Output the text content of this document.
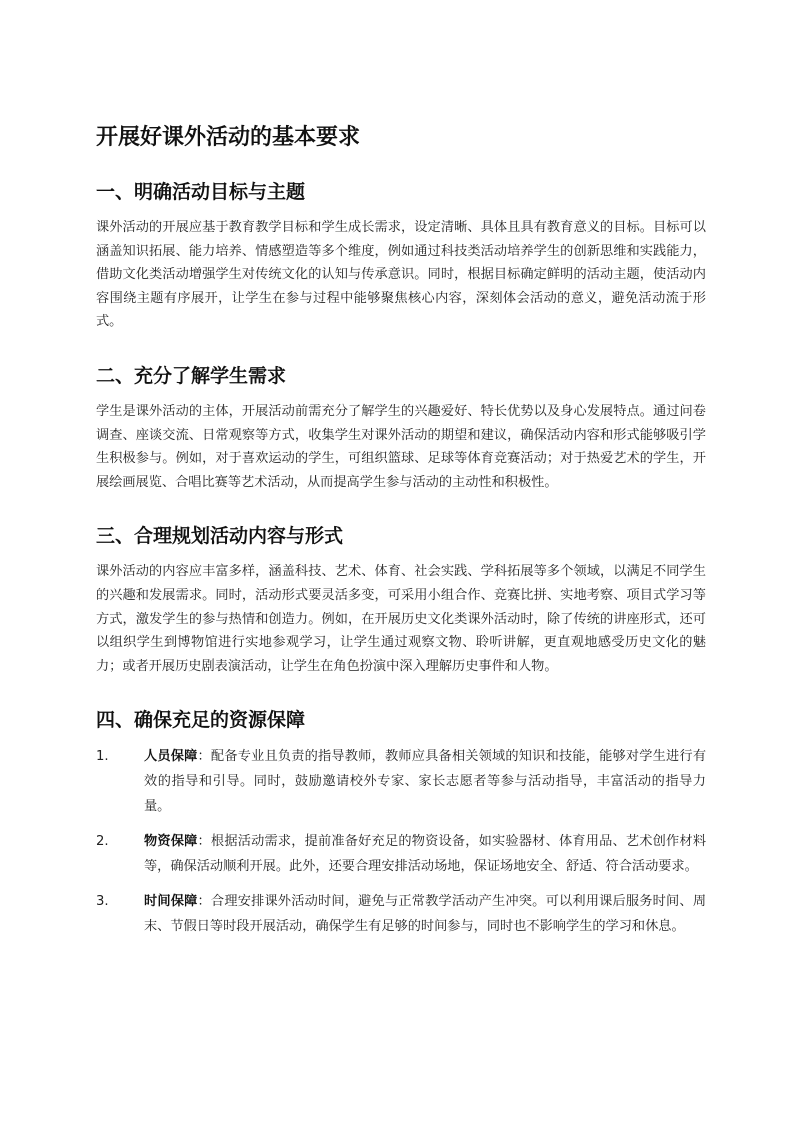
开展好课外活动的基本要求
一、明确活动目标与主题

课外活动的开展应基于教育教学目标和学生成长需求，设定清晰、具体且具有教育意义的目标。目标可以涵盖知识拓展、能力培养、情感塑造等多个维度，例如通过科技类活动培养学生的创新思维和实践能力，借助文化类活动增强学生对传统文化的认知与传承意识。同时，根据目标确定鲜明的活动主题，使活动内容围绕主题有序展开，让学生在参与过程中能够聚焦核心内容，深刻体会活动的意义，避免活动流于形式。

二、充分了解学生需求

学生是课外活动的主体，开展活动前需充分了解学生的兴趣爱好、特长优势以及身心发展特点。通过问卷调查、座谈交流、日常观察等方式，收集学生对课外活动的期望和建议，确保活动内容和形式能够吸引学生积极参与。例如，对于喜欢运动的学生，可组织篮球、足球等体育竞赛活动；对于热爱艺术的学生，开展绘画展览、合唱比赛等艺术活动，从而提高学生参与活动的主动性和积极性。

三、合理规划活动内容与形式

课外活动的内容应丰富多样，涵盖科技、艺术、体育、社会实践、学科拓展等多个领域，以满足不同学生的兴趣和发展需求。同时，活动形式要灵活多变，可采用小组合作、竞赛比拼、实地考察、项目式学习等方式，激发学生的参与热情和创造力。例如，在开展历史文化类课外活动时，除了传统的讲座形式，还可以组织学生到博物馆进行实地参观学习，让学生通过观察文物、聆听讲解，更直观地感受历史文化的魅力；或者开展历史剧表演活动，让学生在角色扮演中深入理解历史事件和人物。

四、确保充足的资源保障
1.	人员保障：配备专业且负责的指导教师，教师应具备相关领域的知识和技能，能够对学生进行有效的指导和引导。同时，鼓励邀请校外专家、家长志愿者等参与活动指导，丰富活动的指导力量。
2.	物资保障：根据活动需求，提前准备好充足的物资设备，如实验器材、体育用品、艺术创作材料等，确保活动顺利开展。此外，还要合理安排活动场地，保证场地安全、舒适、符合活动要求。
3.	时间保障：合理安排课外活动时间，避免与正常教学活动产生冲突。可以利用课后服务时间、周末、节假日等时段开展活动，确保学生有足够的时间参与，同时也不影响学生的学习和休息。
